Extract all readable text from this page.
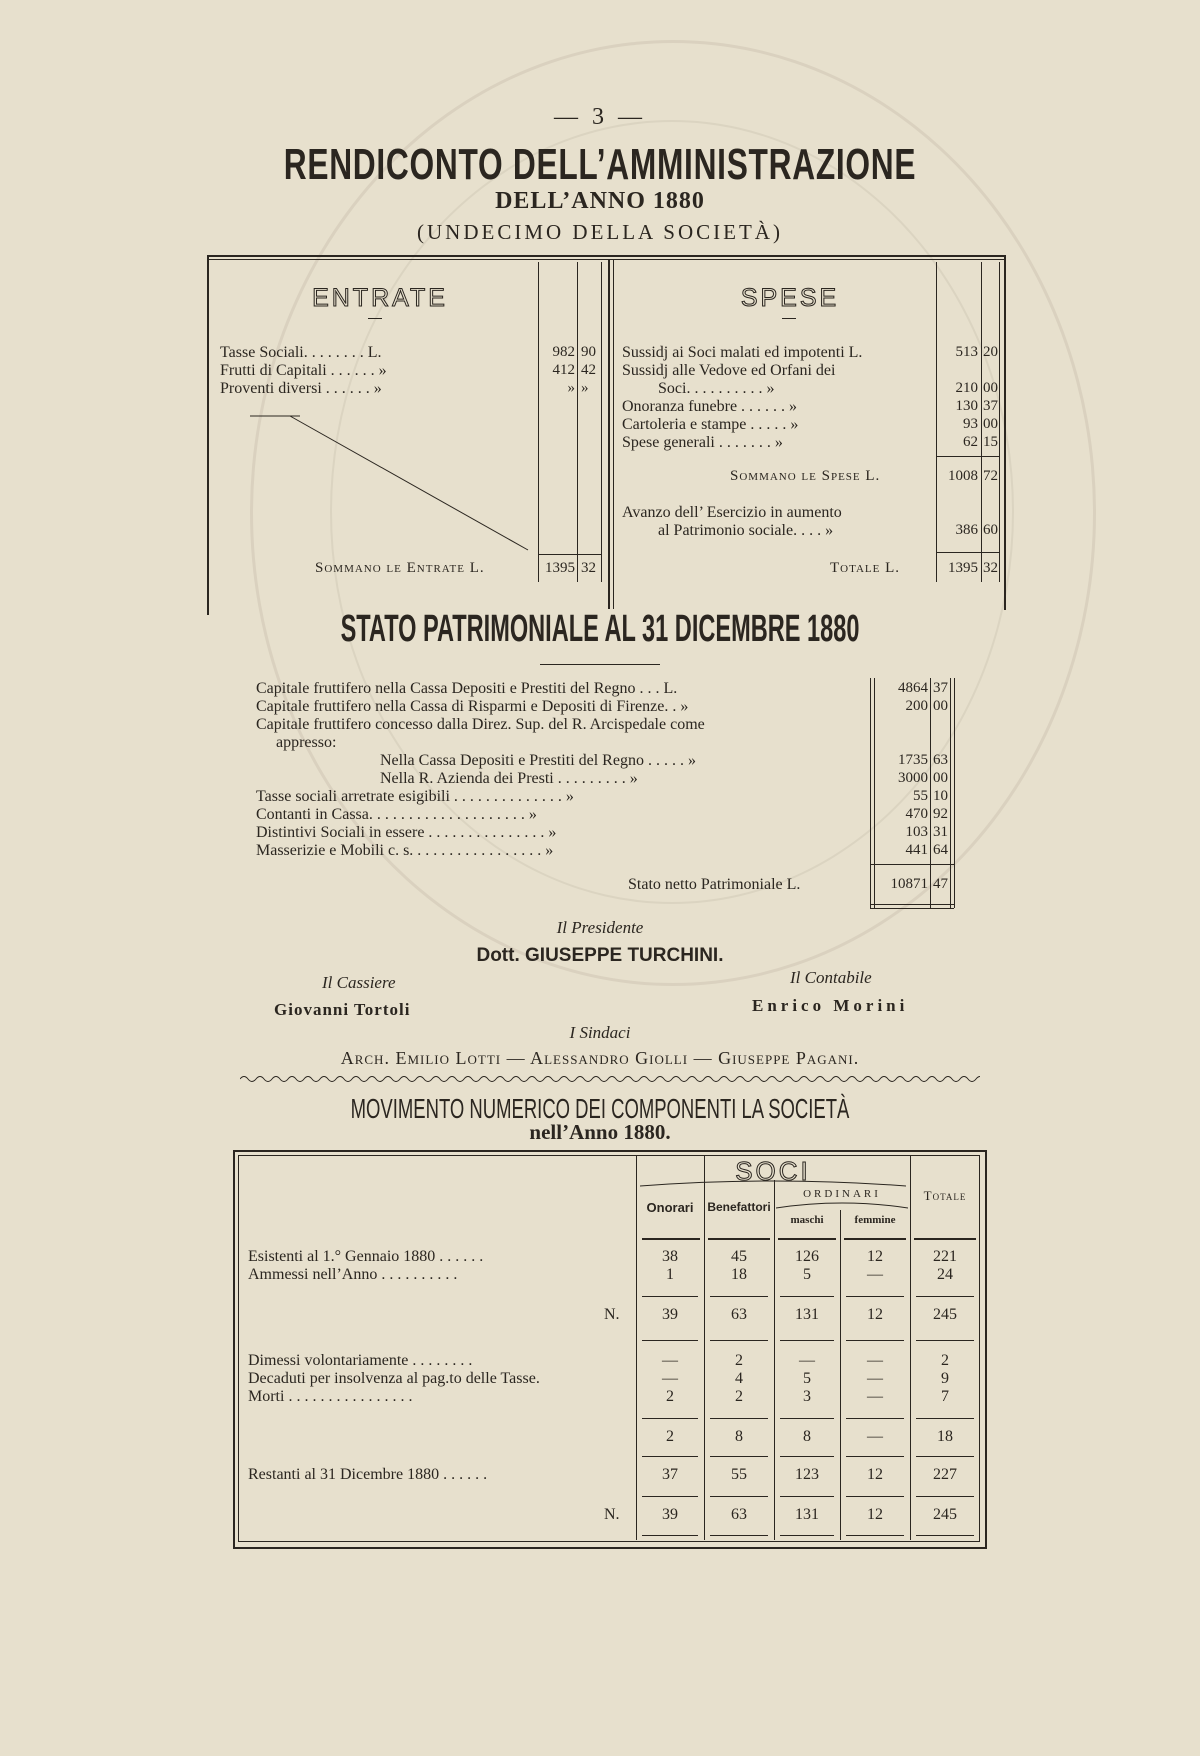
— 3 —
RENDICONTO DELL’AMMINISTRAZIONE
DELL’ANNO 1880
(UNDECIMO DELLA SOCIETÀ)
ENTRATE	SPESE
Tasse Sociali. . . . . . . . L.	982 90
Frutti di Capitali . . . . . . »	412 42
Proventi diversi . . . . . . »	» »
Sommano le Entrate L.	1395 32
Sussidj ai Soci malati ed impotenti L.	513 20
Sussidj alle Vedove ed Orfani dei
Soci. . . . . . . . . . »	210 00
Onoranza funebre . . . . . . »	130 37
Cartoleria e stampe . . . . . »	93 00
Spese generali . . . . . . . »	62 15
Sommano le Spese L.	1008 72
Avanzo dell’ Esercizio in aumento
al Patrimonio sociale. . . . »	386 60
Totale L.	1395 32
STATO PATRIMONIALE AL 31 DICEMBRE 1880
Capitale fruttifero nella Cassa Depositi e Prestiti del Regno . . . L.	4864 37
Capitale fruttifero nella Cassa di Risparmi e Depositi di Firenze. . »	200 00
Capitale fruttifero concesso dalla Direz. Sup. del R. Arcispedale come
appresso:
Nella Cassa Depositi e Prestiti del Regno . . . . . »	1735 63
Nella R. Azienda dei Presti . . . . . . . . . »	3000 00
Tasse sociali arretrate esigibili . . . . . . . . . . . . . . »	55 10
Contanti in Cassa. . . . . . . . . . . . . . . . . . . . »	470 92
Distintivi Sociali in essere . . . . . . . . . . . . . . . »	103 31
Masserizie e Mobili c. s. . . . . . . . . . . . . . . . . »	441 64
Stato netto Patrimoniale L.	10871 47
Il Presidente
Dott. GIUSEPPE TURCHINI.
Il Cassiere	Il Contabile
Giovanni Tortoli	Enrico Morini
I Sindaci
Arch. Emilio Lotti — Alessandro Giolli — Giuseppe Pagani.
MOVIMENTO NUMERICO DEI COMPONENTI LA SOCIETÀ
nell’Anno 1880.
SOCI
ORDINARI
Onorari	Benefattori
maschi	femmine
Totale
Esistenti al 1.° Gennaio 1880 . . . . . .	38	45	126	12	221
Ammessi nell’Anno . . . . . . . . . .	1	18	5	—	24
N.	39	63	131	12	245
Dimessi volontariamente . . . . . . . .	—	2	—	—	2
Decaduti per insolvenza al pag.to delle Tasse.	—	4	5	—	9
Morti . . . . . . . . . . . . . . . .	2	2	3	—	7
2	8	8	—	18
Restanti al 31 Dicembre 1880 . . . . . .	37	55	123	12	227
N.	39	63	131	12	245
